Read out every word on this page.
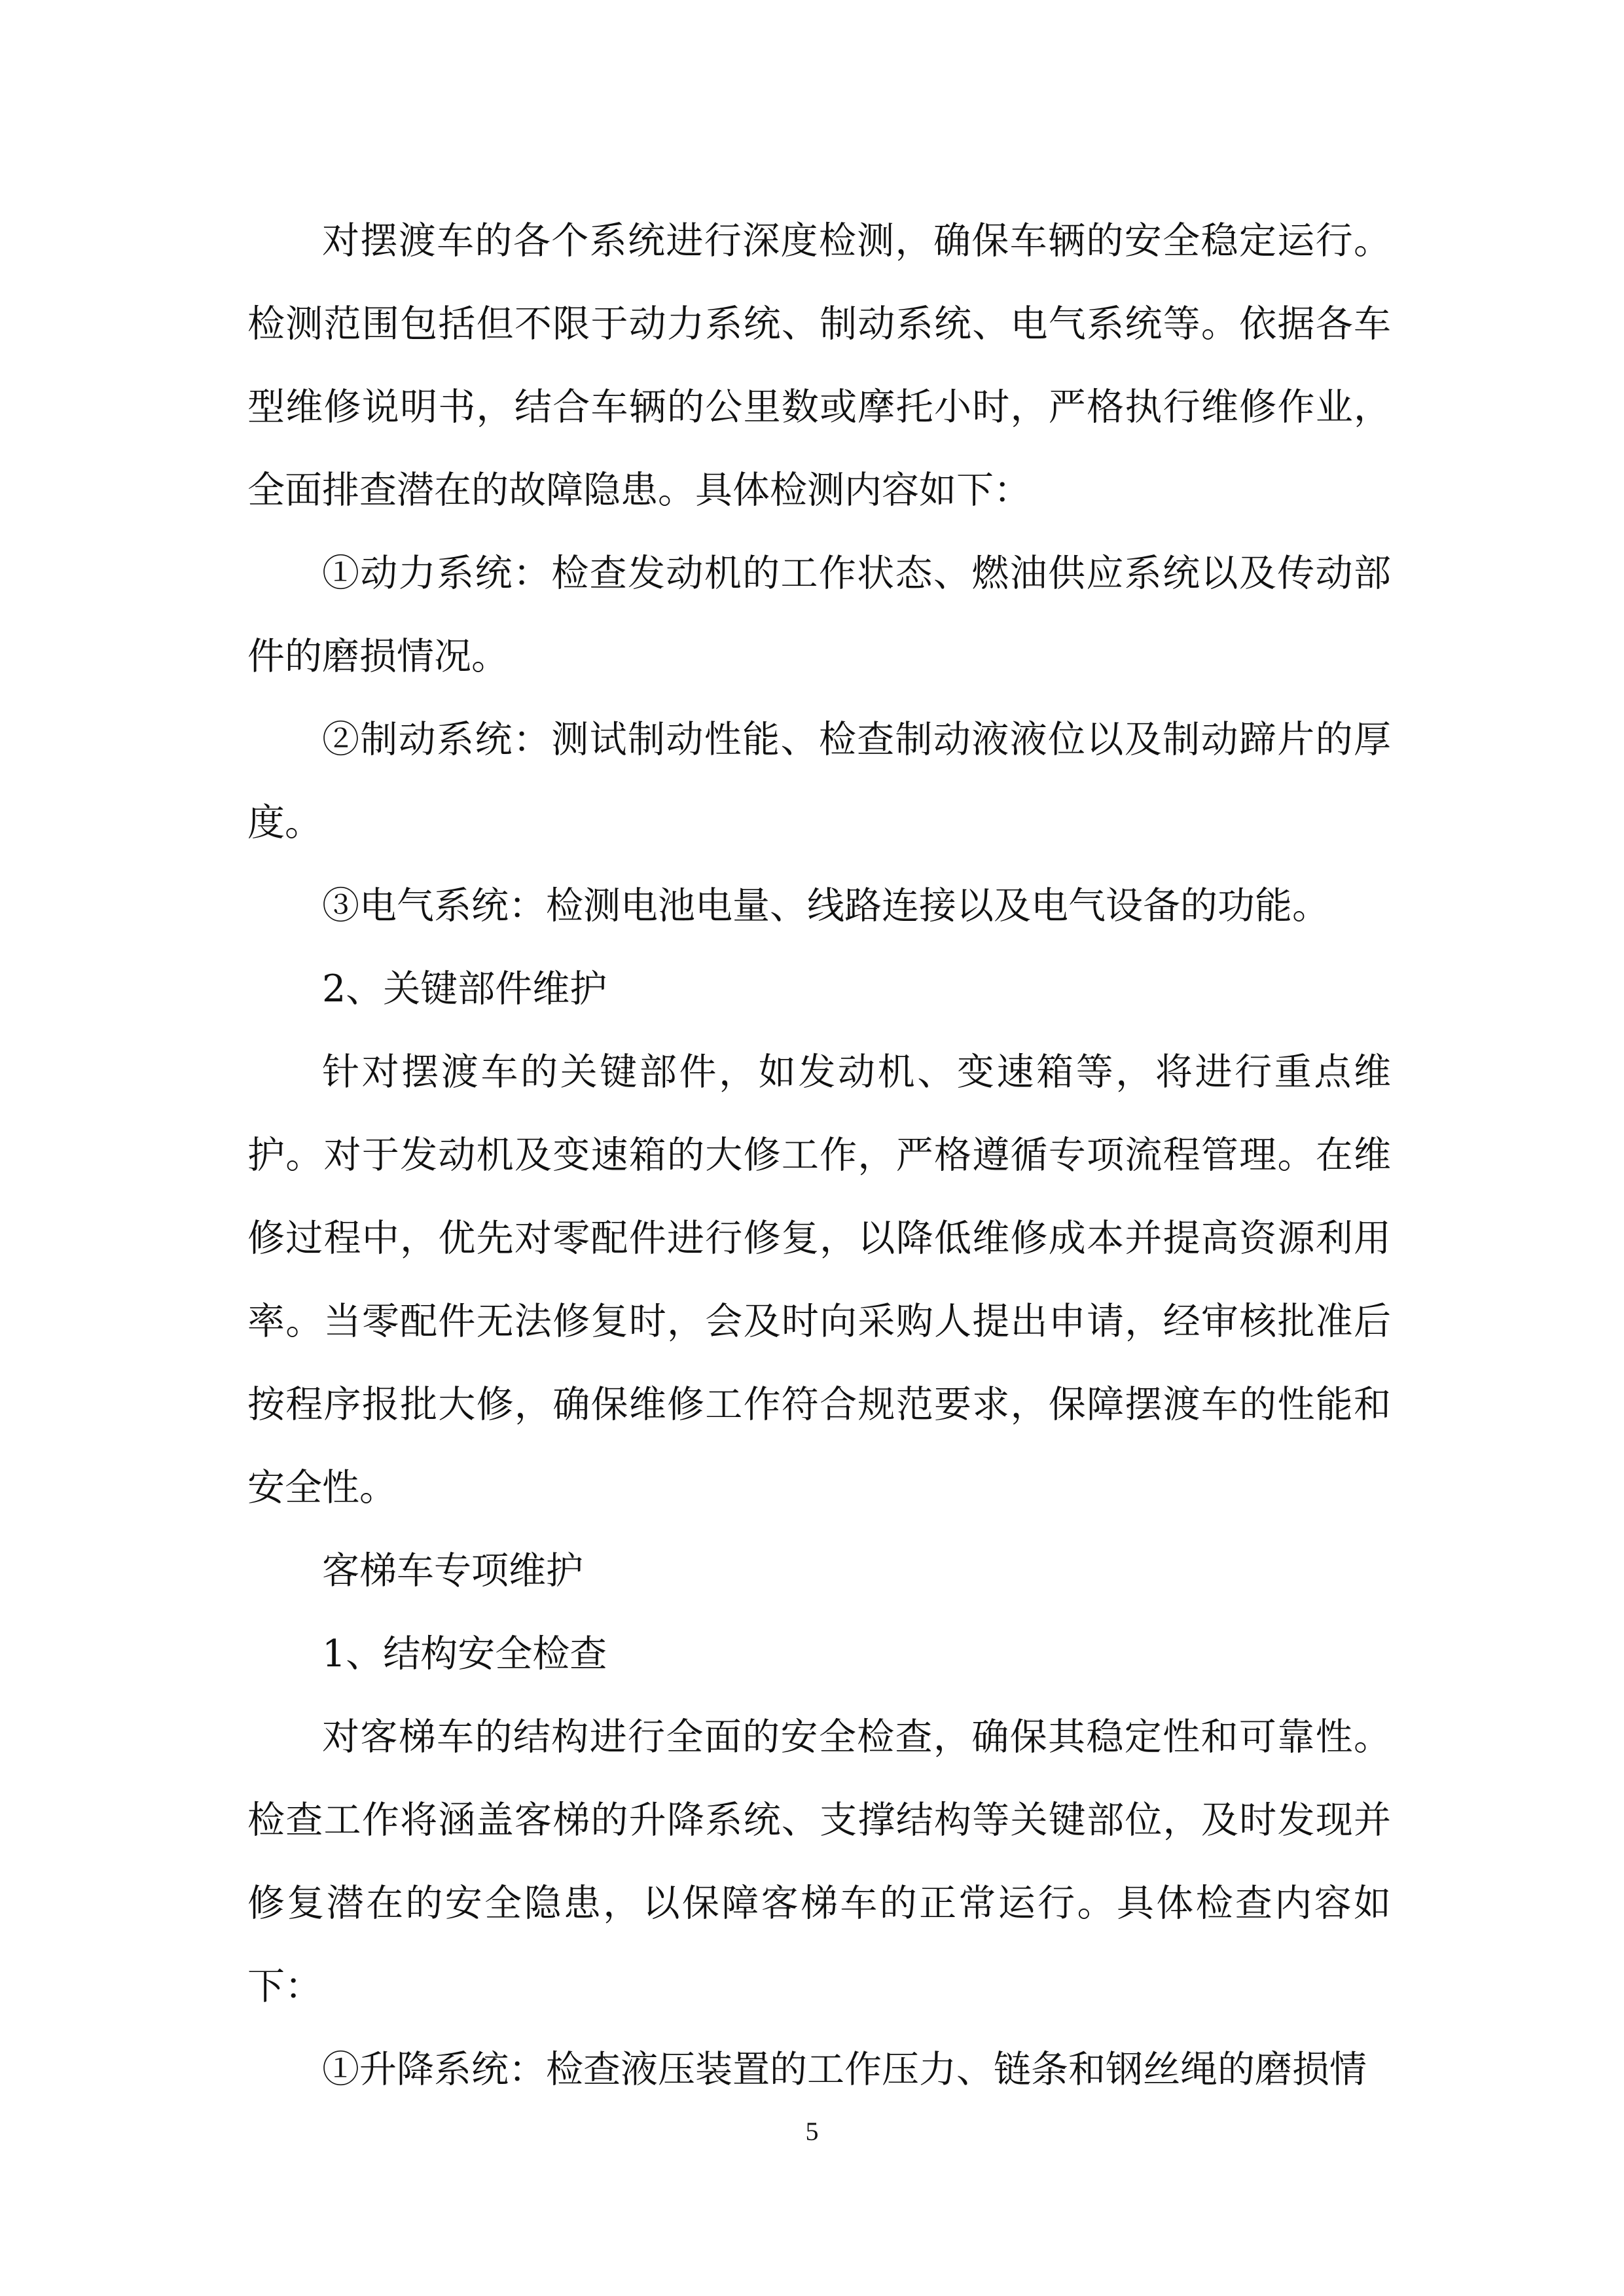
对摆渡车的各个系统进行深度检测，确保车辆的安全稳定运行。检测范围包括但不限于动力系统、制动系统、电气系统等。依据各车型维修说明书，结合车辆的公里数或摩托小时，严格执行维修作业，全面排查潜在的故障隐患。具体检测内容如下：

①动力系统：检查发动机的工作状态、燃油供应系统以及传动部件的磨损情况。

②制动系统：测试制动性能、检查制动液液位以及制动蹄片的厚度。

③电气系统：检测电池电量、线路连接以及电气设备的功能。

2、关键部件维护

针对摆渡车的关键部件，如发动机、变速箱等，将进行重点维护。对于发动机及变速箱的大修工作，严格遵循专项流程管理。在维修过程中，优先对零配件进行修复，以降低维修成本并提高资源利用率。当零配件无法修复时，会及时向采购人提出申请，经审核批准后按程序报批大修，确保维修工作符合规范要求，保障摆渡车的性能和安全性。

客梯车专项维护

1、结构安全检查

对客梯车的结构进行全面的安全检查，确保其稳定性和可靠性。检查工作将涵盖客梯的升降系统、支撑结构等关键部位，及时发现并修复潜在的安全隐患，以保障客梯车的正常运行。具体检查内容如下：

①升降系统：检查液压装置的工作压力、链条和钢丝绳的磨损情

5
